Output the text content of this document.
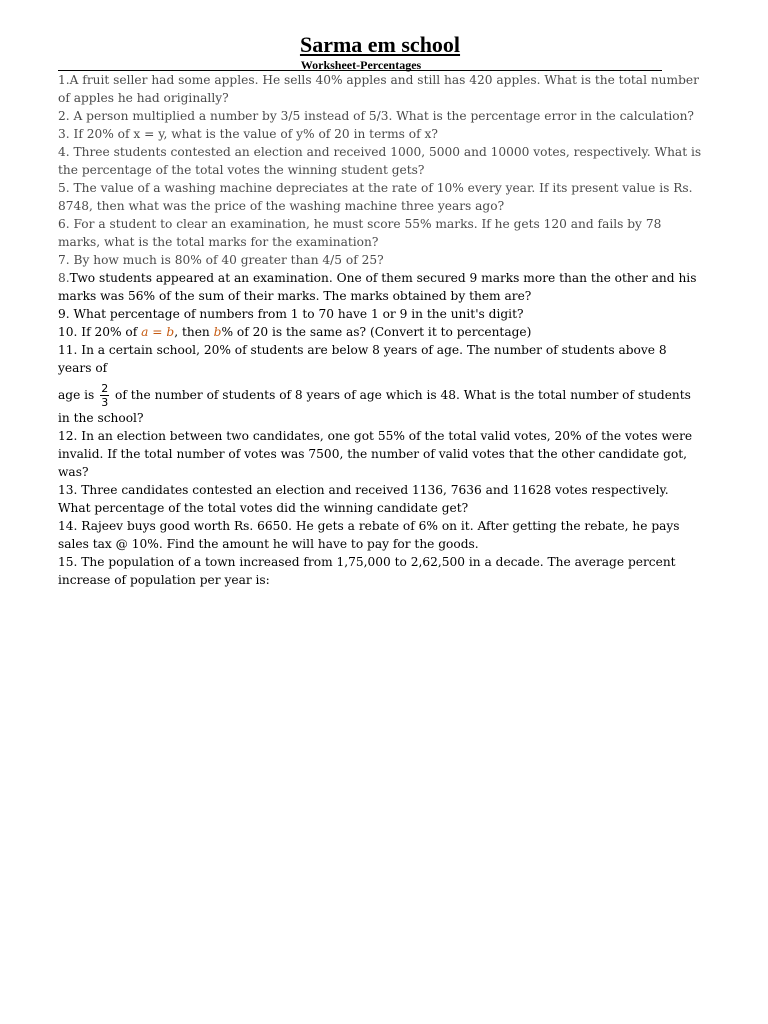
Sarma em school
Worksheet-Percentages

1.A fruit seller had some apples. He sells 40% apples and still has 420 apples. What is the total number of apples he had originally?

2. A person multiplied a number by 3/5 instead of 5/3. What is the percentage error in the calculation?

3. If 20% of x = y, what is the value of y% of 20 in terms of x?

4. Three students contested an election and received 1000, 5000 and 10000 votes, respectively. What is the percentage of the total votes the winning student gets?

5. The value of a washing machine depreciates at the rate of 10% every year. If its present value is Rs. 8748, then what was the price of the washing machine three years ago?

6. For a student to clear an examination, he must score 55% marks. If he gets 120 and fails by 78 marks, what is the total marks for the examination?

7. By how much is 80% of 40 greater than 4/5 of 25?

8.Two students appeared at an examination. One of them secured 9 marks more than the other and his marks was 56% of the sum of their marks. The marks obtained by them are?

9. What percentage of numbers from 1 to 70 have 1 or 9 in the unit's digit?

10. If 20% of a = b, then b% of 20 is the same as? (Convert it to percentage)

11. In a certain school, 20% of students are below 8 years of age. The number of students above 8 years of
age is $\frac{2}{3}$ of the number of students of 8 years of age which is 48. What is the total number of students in the school?

12. In an election between two candidates, one got 55% of the total valid votes, 20% of the votes were invalid. If the total number of votes was 7500, the number of valid votes that the other candidate got, was?

13. Three candidates contested an election and received 1136, 7636 and 11628 votes respectively. What percentage of the total votes did the winning candidate get?

14. Rajeev buys good worth Rs. 6650. He gets a rebate of 6% on it. After getting the rebate, he pays sales tax @ 10%. Find the amount he will have to pay for the goods.

15. The population of a town increased from 1,75,000 to 2,62,500 in a decade. The average percent increase of population per year is:
